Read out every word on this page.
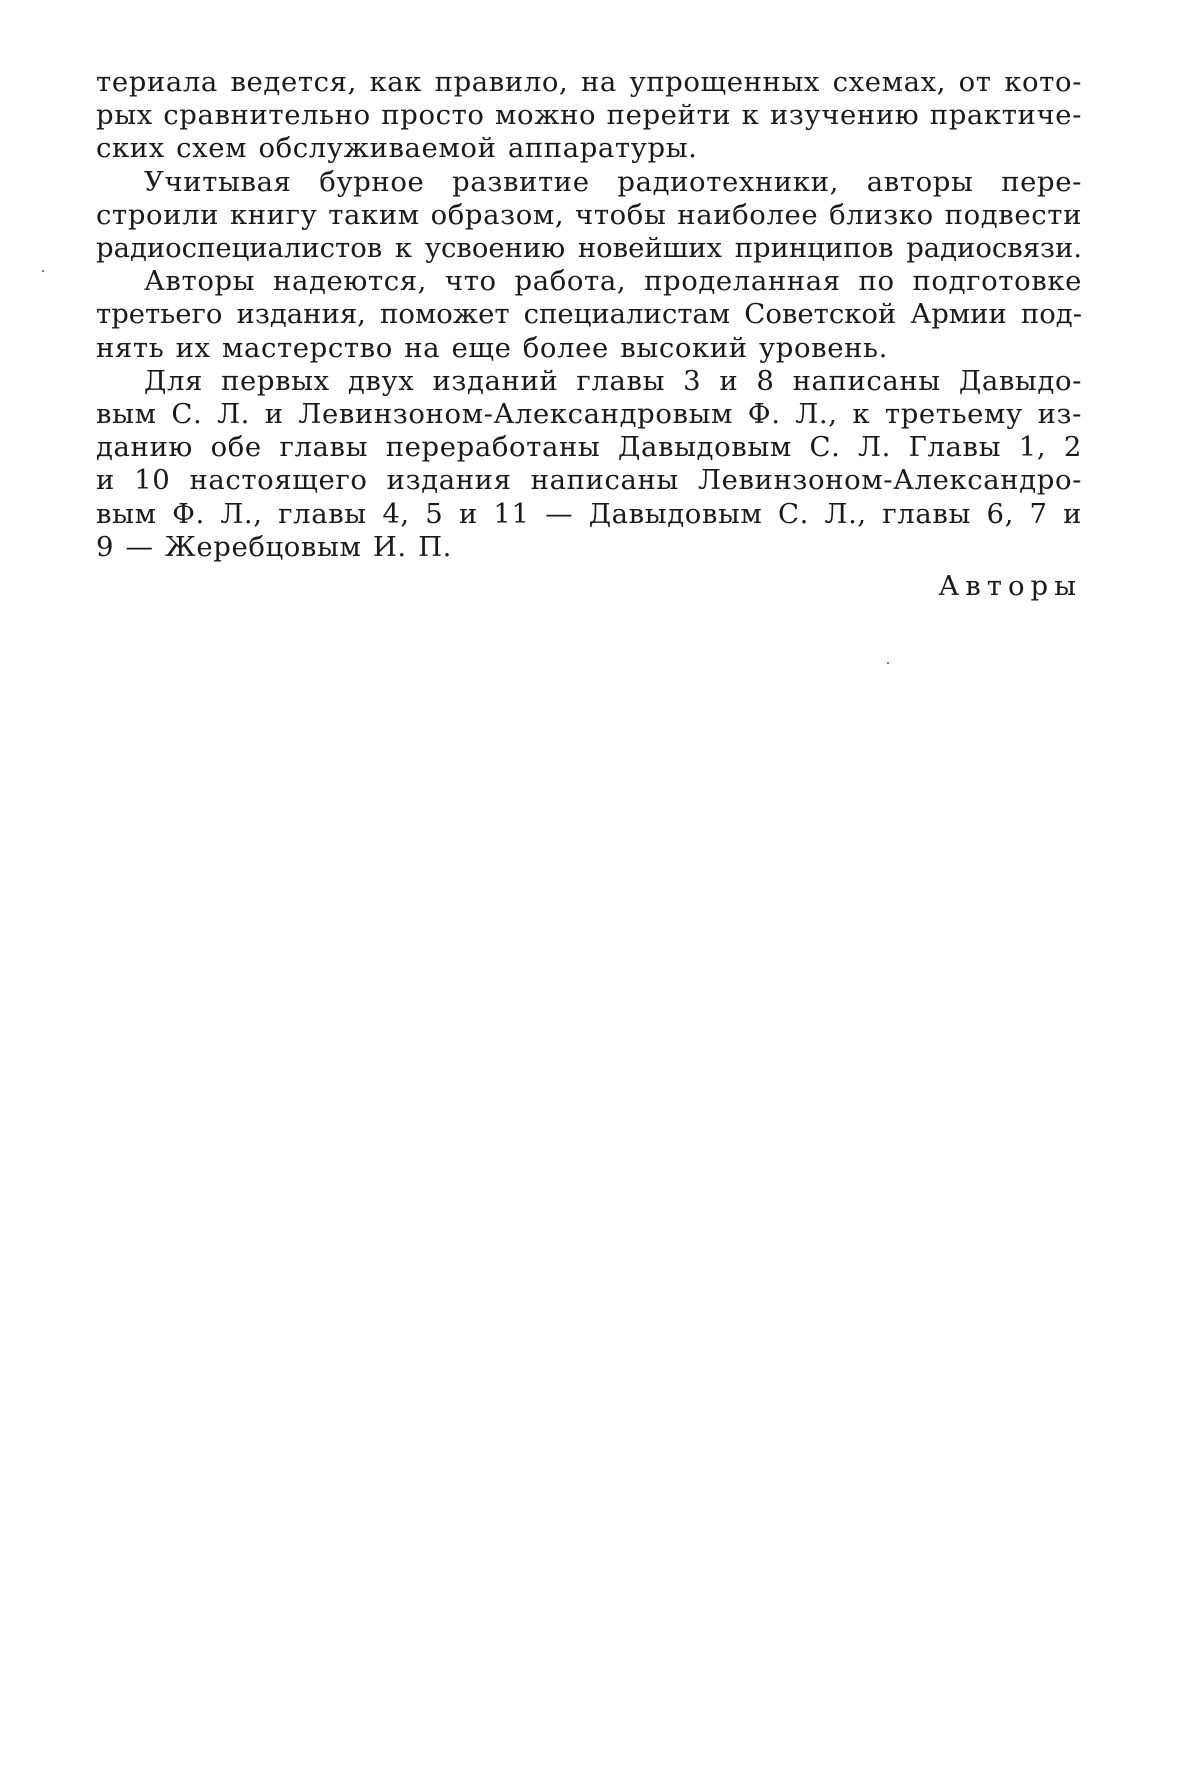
териала ведется, как правило, на упрощенных схемах, от кото-
рых сравнительно просто можно перейти к изучению практиче-
ских схем обслуживаемой аппаратуры.
Учитывая бурное развитие радиотехники, авторы пере-
строили книгу таким образом, чтобы наиболее близко подвести
радиоспециалистов к усвоению новейших принципов радиосвязи.
Авторы надеются, что работа, проделанная по подготовке
третьего издания, поможет специалистам Советской Армии под-
нять их мастерство на еще более высокий уровень.
Для первых двух изданий главы 3 и 8 написаны Давыдо-
вым С. Л. и Левинзоном-Александровым Ф. Л., к третьему из-
данию обе главы переработаны Давыдовым С. Л. Главы 1, 2
и 10 настоящего издания написаны Левинзоном-Александро-
вым Ф. Л., главы 4, 5 и 11 — Давыдовым С. Л., главы 6, 7 и
9 — Жеребцовым И. П.
Авторы
